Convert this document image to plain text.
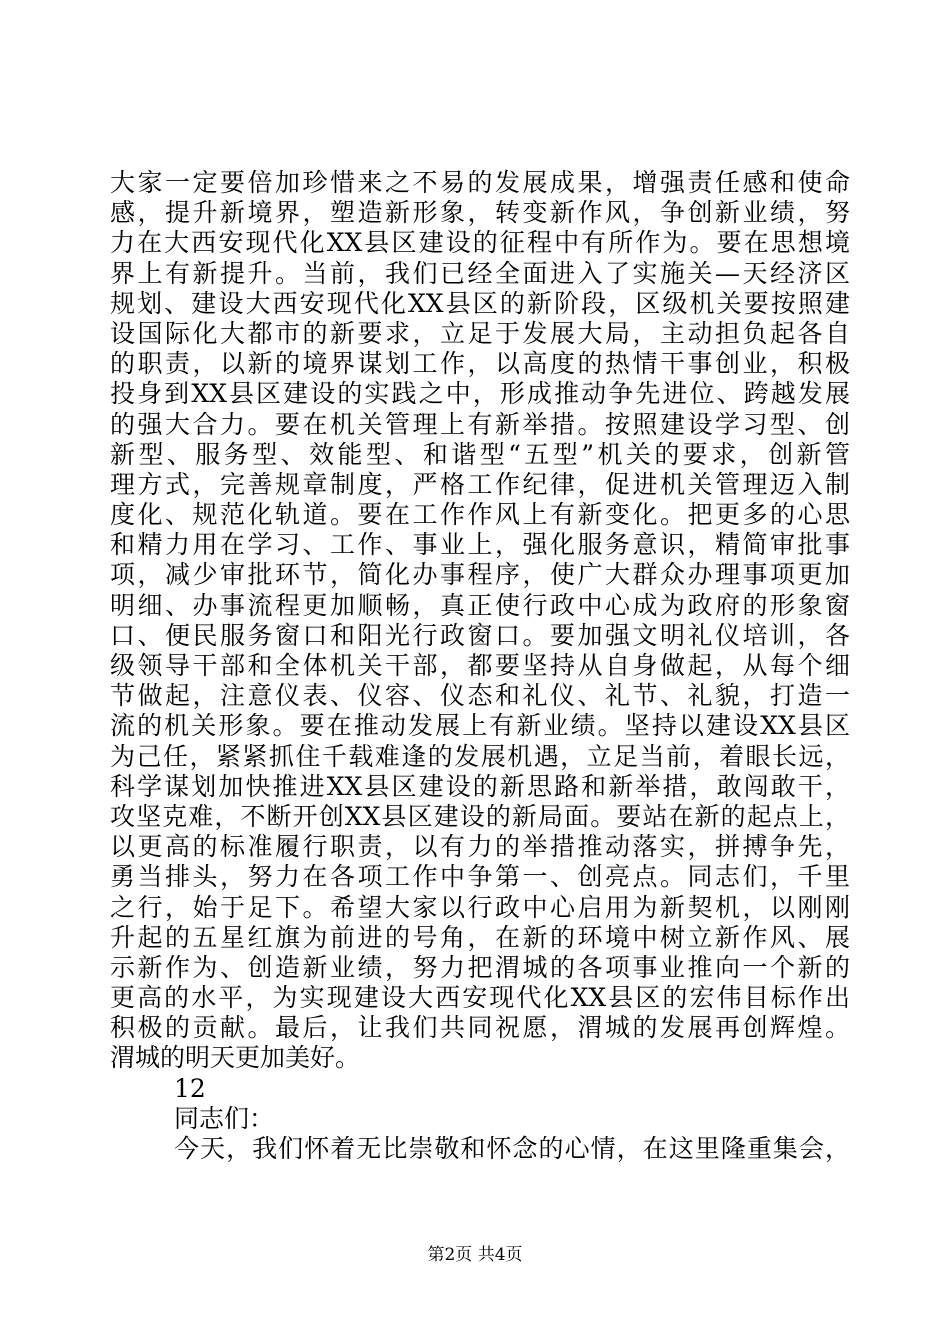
大家一定要倍加珍惜来之不易的发展成果，增强责任感和使命
感，提升新境界，塑造新形象，转变新作风，争创新业绩，努
力在大西安现代化XX县区建设的征程中有所作为。要在思想境
界上有新提升。当前，我们已经全面进入了实施关—天经济区
规划、建设大西安现代化XX县区的新阶段，区级机关要按照建
设国际化大都市的新要求，立足于发展大局，主动担负起各自
的职责，以新的境界谋划工作，以高度的热情干事创业，积极
投身到XX县区建设的实践之中，形成推动争先进位、跨越发展
的强大合力。要在机关管理上有新举措。按照建设学习型、创
新型、服务型、效能型、和谐型“五型”机关的要求，创新管
理方式，完善规章制度，严格工作纪律，促进机关管理迈入制
度化、规范化轨道。要在工作作风上有新变化。把更多的心思
和精力用在学习、工作、事业上，强化服务意识，精简审批事
项，减少审批环节，简化办事程序，使广大群众办理事项更加
明细、办事流程更加顺畅，真正使行政中心成为政府的形象窗
口、便民服务窗口和阳光行政窗口。要加强文明礼仪培训，各
级领导干部和全体机关干部，都要坚持从自身做起，从每个细
节做起，注意仪表、仪容、仪态和礼仪、礼节、礼貌，打造一
流的机关形象。要在推动发展上有新业绩。坚持以建设XX县区
为己任，紧紧抓住千载难逢的发展机遇，立足当前，着眼长远，
科学谋划加快推进XX县区建设的新思路和新举措，敢闯敢干，
攻坚克难，不断开创XX县区建设的新局面。要站在新的起点上，
以更高的标准履行职责，以有力的举措推动落实，拼搏争先，
勇当排头，努力在各项工作中争第一、创亮点。同志们，千里
之行，始于足下。希望大家以行政中心启用为新契机，以刚刚
升起的五星红旗为前进的号角，在新的环境中树立新作风、展
示新作为、创造新业绩，努力把渭城的各项事业推向一个新的
更高的水平，为实现建设大西安现代化XX县区的宏伟目标作出
积极的贡献。最后，让我们共同祝愿，渭城的发展再创辉煌。
渭城的明天更加美好。
12
同志们：
今天，我们怀着无比崇敬和怀念的心情，在这里隆重集会，
第2页 共4页
